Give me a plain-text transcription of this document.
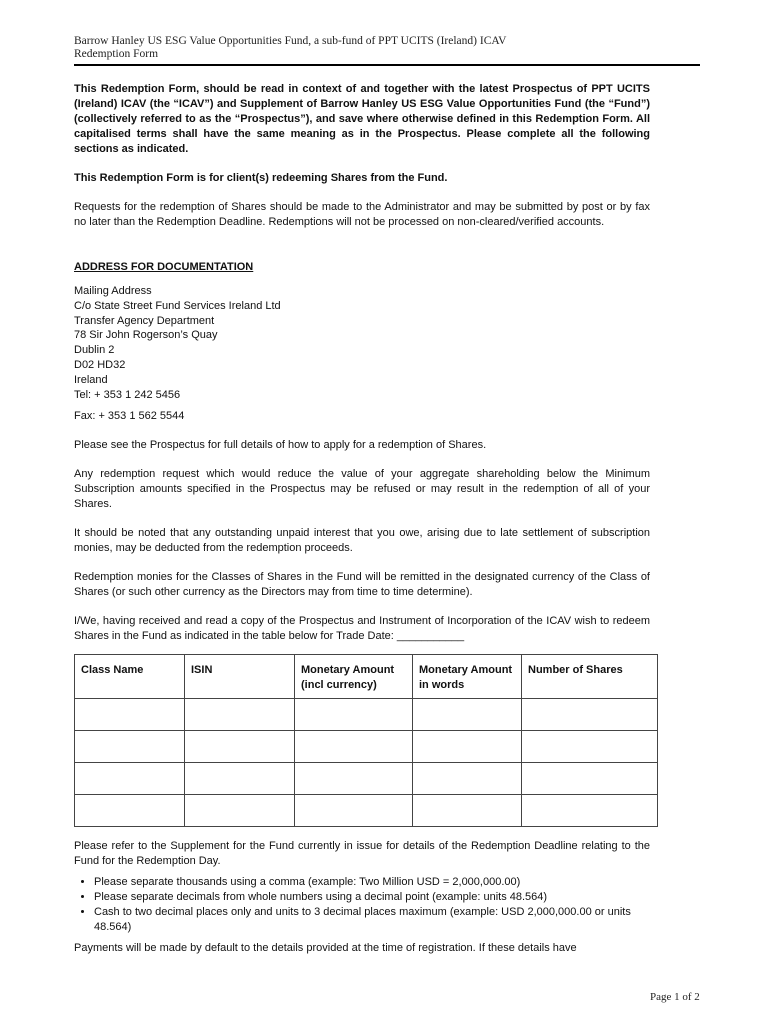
Barrow Hanley US ESG Value Opportunities Fund, a sub-fund of PPT UCITS (Ireland) ICAV
Redemption Form

This Redemption Form, should be read in context of and together with the latest Prospectus of PPT UCITS (Ireland) ICAV (the “ICAV”) and Supplement of Barrow Hanley US ESG Value Opportunities Fund (the “Fund”) (collectively referred to as the “Prospectus”), and save where otherwise defined in this Redemption Form. All capitalised terms shall have the same meaning as in the Prospectus. Please complete all the following sections as indicated.

This Redemption Form is for client(s) redeeming Shares from the Fund.

Requests for the redemption of Shares should be made to the Administrator and may be submitted by post or by fax no later than the Redemption Deadline. Redemptions will not be processed on non-cleared/verified accounts.

ADDRESS FOR DOCUMENTATION

Mailing Address
C/o State Street Fund Services Ireland Ltd
Transfer Agency Department
78 Sir John Rogerson’s Quay
Dublin 2
D02 HD32
Ireland
Tel: + 353 1 242 5456

Fax: + 353 1 562 5544

Please see the Prospectus for full details of how to apply for a redemption of Shares.

Any redemption request which would reduce the value of your aggregate shareholding below the Minimum Subscription amounts specified in the Prospectus may be refused or may result in the redemption of all of your Shares.

It should be noted that any outstanding unpaid interest that you owe, arising due to late settlement of subscription monies, may be deducted from the redemption proceeds.

Redemption monies for the Classes of Shares in the Fund will be remitted in the designated currency of the Class of Shares (or such other currency as the Directors may from time to time determine).

I/We, having received and read a copy of the Prospectus and Instrument of Incorporation of the ICAV wish to redeem Shares in the Fund as indicated in the table below for Trade Date: ___________

Class Name	ISIN	Monetary Amount (incl currency)	Monetary Amount in words	Number of Shares

Please refer to the Supplement for the Fund currently in issue for details of the Redemption Deadline relating to the Fund for the Redemption Day.

• Please separate thousands using a comma (example: Two Million USD = 2,000,000.00)
• Please separate decimals from whole numbers using a decimal point (example: units 48.564)
• Cash to two decimal places only and units to 3 decimal places maximum (example: USD 2,000,000.00 or units 48.564)

Payments will be made by default to the details provided at the time of registration. If these details have

Page 1 of 2
